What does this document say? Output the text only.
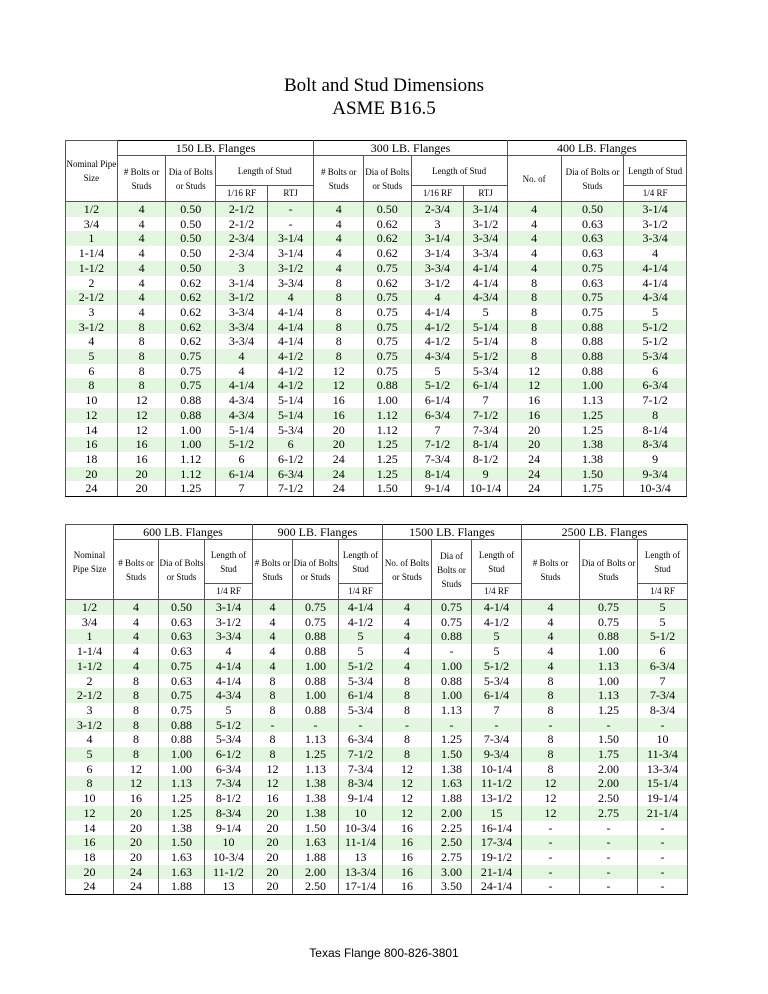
Bolt and Stud Dimensions
ASME B16.5
Nominal Pipe Size	150 LB. Flanges				300 LB. Flanges				400 LB. Flanges		
	# Bolts or Studs	Dia of Bolts or Studs	Length of Stud		# Bolts or Studs	Dia of Bolts or Studs	Length of Stud		No. of	Dia of Bolts or Studs	Length of Stud
			1/16 RF	RTJ			1/16 RF	RTJ			1/4 RF
1/2	4	0.50	2-1/2	-	4	0.50	2-3/4	3-1/4	4	0.50	3-1/4
3/4	4	0.50	2-1/2	-	4	0.62	3	3-1/2	4	0.63	3-1/2
1	4	0.50	2-3/4	3-1/4	4	0.62	3-1/4	3-3/4	4	0.63	3-3/4
1-1/4	4	0.50	2-3/4	3-1/4	4	0.62	3-1/4	3-3/4	4	0.63	4
1-1/2	4	0.50	3	3-1/2	4	0.75	3-3/4	4-1/4	4	0.75	4-1/4
2	4	0.62	3-1/4	3-3/4	8	0.62	3-1/2	4-1/4	8	0.63	4-1/4
2-1/2	4	0.62	3-1/2	4	8	0.75	4	4-3/4	8	0.75	4-3/4
3	4	0.62	3-3/4	4-1/4	8	0.75	4-1/4	5	8	0.75	5
3-1/2	8	0.62	3-3/4	4-1/4	8	0.75	4-1/2	5-1/4	8	0.88	5-1/2
4	8	0.62	3-3/4	4-1/4	8	0.75	4-1/2	5-1/4	8	0.88	5-1/2
5	8	0.75	4	4-1/2	8	0.75	4-3/4	5-1/2	8	0.88	5-3/4
6	8	0.75	4	4-1/2	12	0.75	5	5-3/4	12	0.88	6
8	8	0.75	4-1/4	4-1/2	12	0.88	5-1/2	6-1/4	12	1.00	6-3/4
10	12	0.88	4-3/4	5-1/4	16	1.00	6-1/4	7	16	1.13	7-1/2
12	12	0.88	4-3/4	5-1/4	16	1.12	6-3/4	7-1/2	16	1.25	8
14	12	1.00	5-1/4	5-3/4	20	1.12	7	7-3/4	20	1.25	8-1/4
16	16	1.00	5-1/2	6	20	1.25	7-1/2	8-1/4	20	1.38	8-3/4
18	16	1.12	6	6-1/2	24	1.25	7-3/4	8-1/2	24	1.38	9
20	20	1.12	6-1/4	6-3/4	24	1.25	8-1/4	9	24	1.50	9-3/4
24	20	1.25	7	7-1/2	24	1.50	9-1/4	10-1/4	24	1.75	10-3/4
Nominal Pipe Size	600 LB. Flanges			900 LB. Flanges			1500 LB. Flanges			2500 LB. Flanges		
	# Bolts or Studs	Dia of Bolts or Studs	Length of Stud	# Bolts or Studs	Dia of Bolts or Studs	Length of Stud	No. of Bolts or Studs	Dia of Bolts or Studs	Length of Stud	# Bolts or Studs	Dia of Bolts or Studs	Length of Stud
			1/4 RF			1/4 RF			1/4 RF			1/4 RF
1/2	4	0.50	3-1/4	4	0.75	4-1/4	4	0.75	4-1/4	4	0.75	5
3/4	4	0.63	3-1/2	4	0.75	4-1/2	4	0.75	4-1/2	4	0.75	5
1	4	0.63	3-3/4	4	0.88	5	4	0.88	5	4	0.88	5-1/2
1-1/4	4	0.63	4	4	0.88	5	4	-	5	4	1.00	6
1-1/2	4	0.75	4-1/4	4	1.00	5-1/2	4	1.00	5-1/2	4	1.13	6-3/4
2	8	0.63	4-1/4	8	0.88	5-3/4	8	0.88	5-3/4	8	1.00	7
2-1/2	8	0.75	4-3/4	8	1.00	6-1/4	8	1.00	6-1/4	8	1.13	7-3/4
3	8	0.75	5	8	0.88	5-3/4	8	1.13	7	8	1.25	8-3/4
3-1/2	8	0.88	5-1/2	-	-	-	-	-	-	-	-	-
4	8	0.88	5-3/4	8	1.13	6-3/4	8	1.25	7-3/4	8	1.50	10
5	8	1.00	6-1/2	8	1.25	7-1/2	8	1.50	9-3/4	8	1.75	11-3/4
6	12	1.00	6-3/4	12	1.13	7-3/4	12	1.38	10-1/4	8	2.00	13-3/4
8	12	1.13	7-3/4	12	1.38	8-3/4	12	1.63	11-1/2	12	2.00	15-1/4
10	16	1.25	8-1/2	16	1.38	9-1/4	12	1.88	13-1/2	12	2.50	19-1/4
12	20	1.25	8-3/4	20	1.38	10	12	2.00	15	12	2.75	21-1/4
14	20	1.38	9-1/4	20	1.50	10-3/4	16	2.25	16-1/4	-	-	-
16	20	1.50	10	20	1.63	11-1/4	16	2.50	17-3/4	-	-	-
18	20	1.63	10-3/4	20	1.88	13	16	2.75	19-1/2	-	-	-
20	24	1.63	11-1/2	20	2.00	13-3/4	16	3.00	21-1/4	-	-	-
24	24	1.88	13	20	2.50	17-1/4	16	3.50	24-1/4	-	-	-
Texas Flange 800-826-3801
